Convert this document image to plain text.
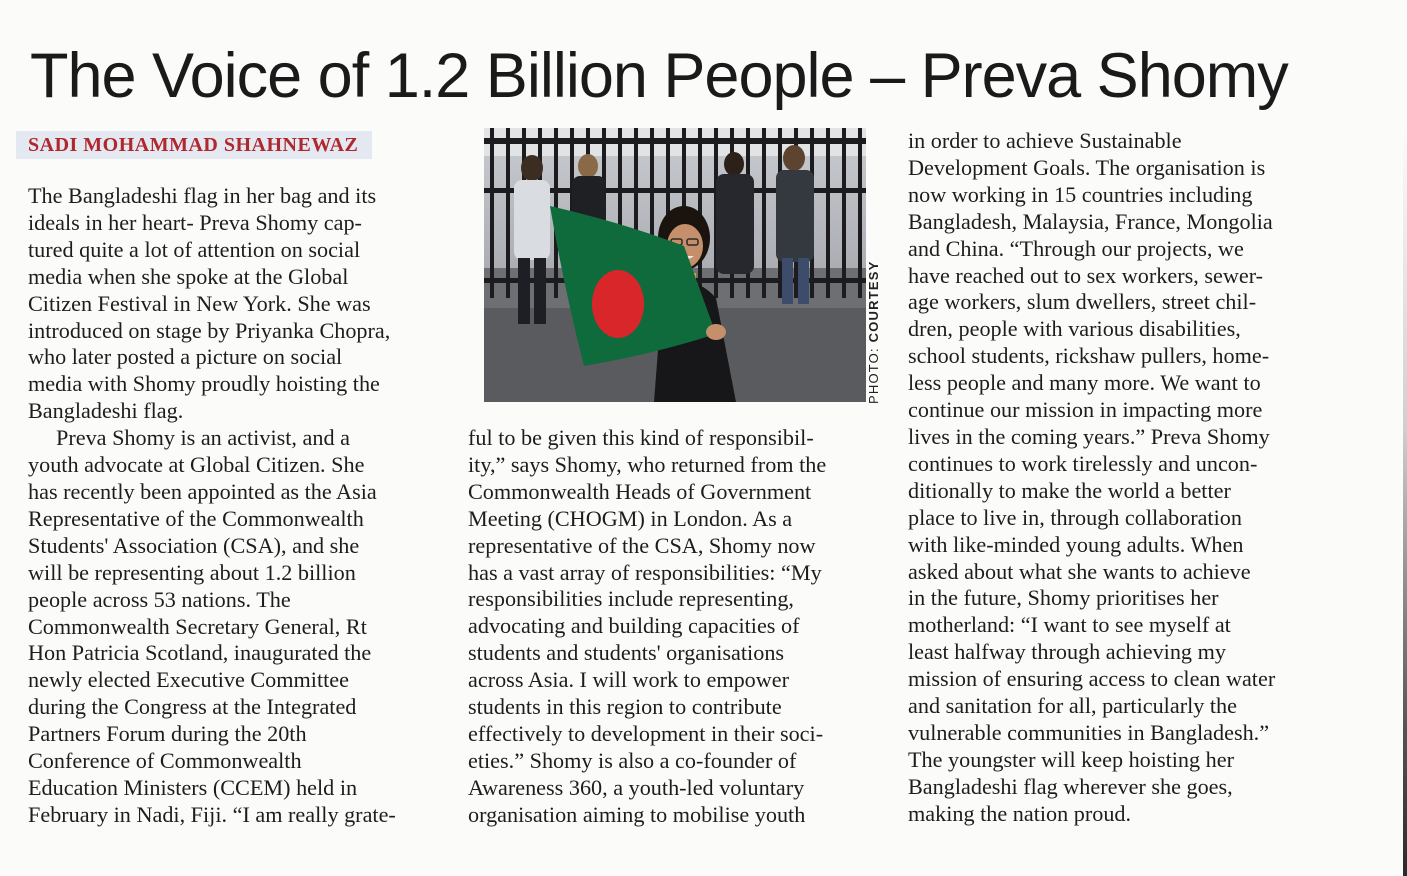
The Voice of 1.2 Billion People – Preva Shomy
SADI MOHAMMAD SHAHNEWAZ
The Bangladeshi flag in her bag and its
ideals in her heart- Preva Shomy cap-
tured quite a lot of attention on social
media when she spoke at the Global
Citizen Festival in New York. She was
introduced on stage by Priyanka Chopra,
who later posted a picture on social
media with Shomy proudly hoisting the
Bangladeshi flag.
Preva Shomy is an activist, and a
youth advocate at Global Citizen. She
has recently been appointed as the Asia
Representative of the Commonwealth
Students' Association (CSA), and she
will be representing about 1.2 billion
people across 53 nations. The
Commonwealth Secretary General, Rt
Hon Patricia Scotland, inaugurated the
newly elected Executive Committee
during the Congress at the Integrated
Partners Forum during the 20th
Conference of Commonwealth
Education Ministers (CCEM) held in
February in Nadi, Fiji. “I am really grate-
PHOTO: COURTESY
ful to be given this kind of responsibil-
ity,” says Shomy, who returned from the
Commonwealth Heads of Government
Meeting (CHOGM) in London. As a
representative of the CSA, Shomy now
has a vast array of responsibilities: “My
responsibilities include representing,
advocating and building capacities of
students and students' organisations
across Asia. I will work to empower
students in this region to contribute
effectively to development in their soci-
eties.” Shomy is also a co-founder of
Awareness 360, a youth-led voluntary
organisation aiming to mobilise youth
in order to achieve Sustainable
Development Goals. The organisation is
now working in 15 countries including
Bangladesh, Malaysia, France, Mongolia
and China. “Through our projects, we
have reached out to sex workers, sewer-
age workers, slum dwellers, street chil-
dren, people with various disabilities,
school students, rickshaw pullers, home-
less people and many more. We want to
continue our mission in impacting more
lives in the coming years.” Preva Shomy
continues to work tirelessly and uncon-
ditionally to make the world a better
place to live in, through collaboration
with like-minded young adults. When
asked about what she wants to achieve
in the future, Shomy prioritises her
motherland: “I want to see myself at
least halfway through achieving my
mission of ensuring access to clean water
and sanitation for all, particularly the
vulnerable communities in Bangladesh.”
The youngster will keep hoisting her
Bangladeshi flag wherever she goes,
making the nation proud.
